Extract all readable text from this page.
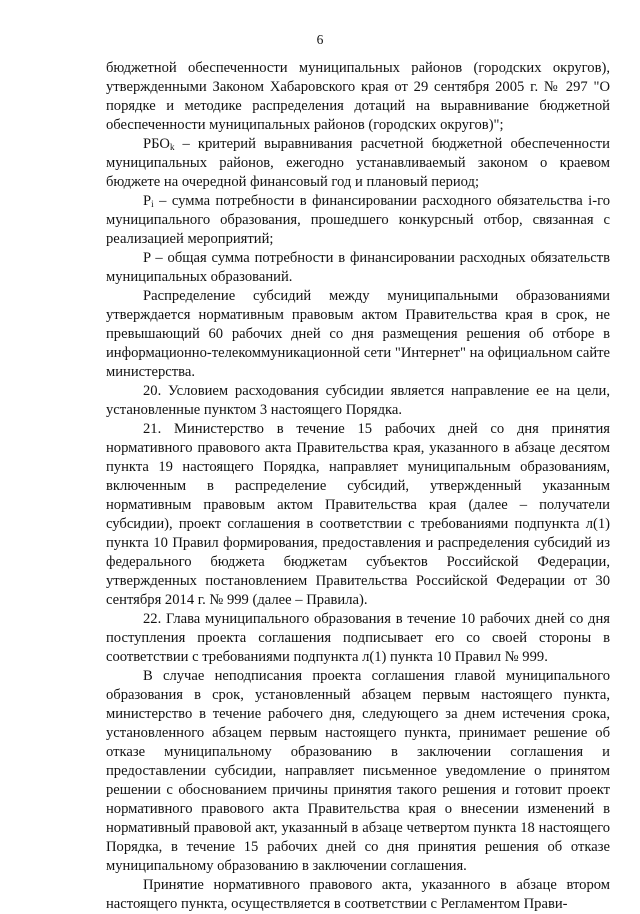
6

бюджетной обеспеченности муниципальных районов (городских округов), утвержденными Законом Хабаровского края от 29 сентября 2005 г. № 297 "О порядке и методике распределения дотаций на выравнивание бюджетной обеспеченности муниципальных районов (городских округов)";

$РБО_k$ – критерий выравнивания расчетной бюджетной обеспеченности муниципальных районов, ежегодно устанавливаемый законом о краевом бюджете на очередной финансовый год и плановый период;

$P_i$ – сумма потребности в финансировании расходного обязательства i-го муниципального образования, прошедшего конкурсный отбор, связанная с реализацией мероприятий;

P – общая сумма потребности в финансировании расходных обязательств муниципальных образований.

Распределение субсидий между муниципальными образованиями утверждается нормативным правовым актом Правительства края в срок, не превышающий 60 рабочих дней со дня размещения решения об отборе в информационно-телекоммуникационной сети "Интернет" на официальном сайте министерства.

20. Условием расходования субсидии является направление ее на цели, установленные пунктом 3 настоящего Порядка.

21. Министерство в течение 15 рабочих дней со дня принятия нормативного правового акта Правительства края, указанного в абзаце десятом пункта 19 настоящего Порядка, направляет муниципальным образованиям, включенным в распределение субсидий, утвержденный указанным нормативным правовым актом Правительства края (далее – получатели субсидии), проект соглашения в соответствии с требованиями подпункта л(1) пункта 10 Правил формирования, предоставления и распределения субсидий из федерального бюджета бюджетам субъектов Российской Федерации, утвержденных постановлением Правительства Российской Федерации от 30 сентября 2014 г. № 999 (далее – Правила).

22. Глава муниципального образования в течение 10 рабочих дней со дня поступления проекта соглашения подписывает его со своей стороны в соответствии с требованиями подпункта л(1) пункта 10 Правил № 999.

В случае неподписания проекта соглашения главой муниципального образования в срок, установленный абзацем первым настоящего пункта, министерство в течение рабочего дня, следующего за днем истечения срока, установленного абзацем первым настоящего пункта, принимает решение об отказе муниципальному образованию в заключении соглашения и предоставлении субсидии, направляет письменное уведомление о принятом решении с обоснованием причины принятия такого решения и готовит проект нормативного правового акта Правительства края о внесении изменений в нормативный правовой акт, указанный в абзаце четвертом пункта 18 настоящего Порядка, в течение 15 рабочих дней со дня принятия решения об отказе муниципальному образованию в заключении соглашения.

Принятие нормативного правового акта, указанного в абзаце втором настоящего пункта, осуществляется в соответствии с Регламентом Прави-
